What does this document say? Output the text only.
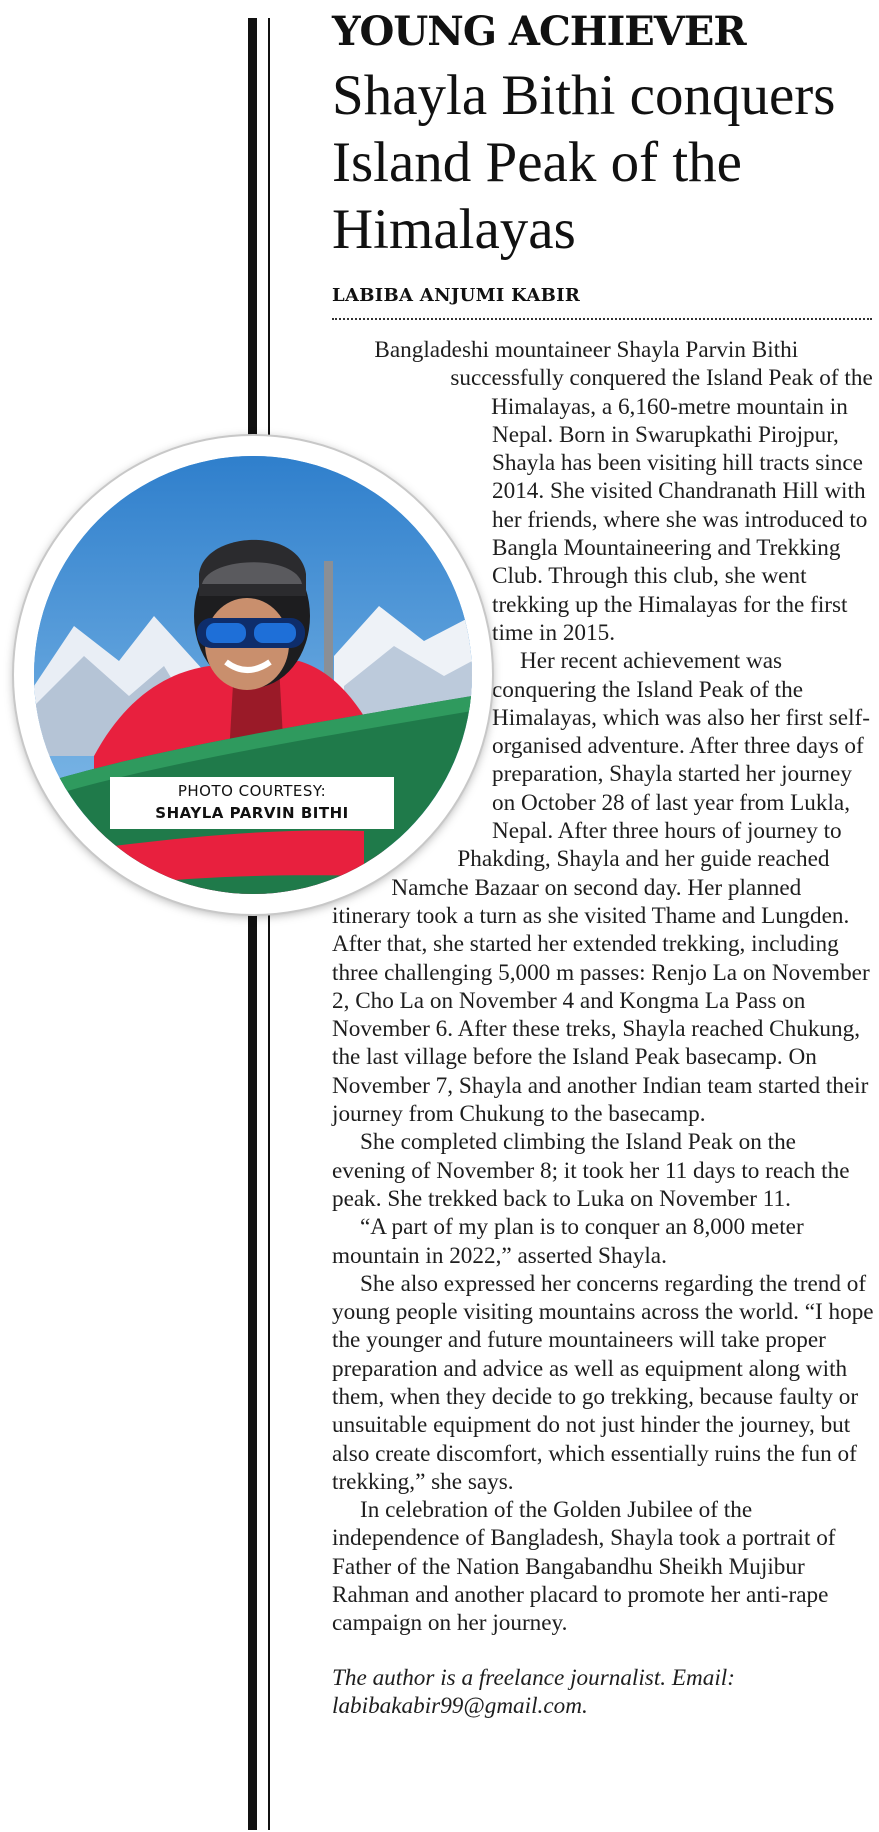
YOUNG ACHIEVER
Shayla Bithi conquers Island Peak of the Himalayas
LABIBA ANJUMI KABIR

Bangladeshi mountaineer Shayla Parvin Bithi successfully conquered the Island Peak of the Himalayas, a 6,160-metre mountain in Nepal. Born in Swarupkathi Pirojpur, Shayla has been visiting hill tracts since 2014. She visited Chandranath Hill with her friends, where she was introduced to Bangla Mountaineering and Trekking Club. Through this club, she went trekking up the Himalayas for the first time in 2015.

Her recent achievement was conquering the Island Peak of the Himalayas, which was also her first self-organised adventure. After three days of preparation, Shayla started her journey on October 28 of last year from Lukla, Nepal. After three hours of journey to Phakding, Shayla and her guide reached Namche Bazaar on second day. Her planned itinerary took a turn as she visited Thame and Lungden. After that, she started her extended trekking, including three challenging 5,000 m passes: Renjo La on November 2, Cho La on November 4 and Kongma La Pass on November 6. After these treks, Shayla reached Chukung, the last village before the Island Peak basecamp. On November 7, Shayla and another Indian team started their journey from Chukung to the basecamp.

She completed climbing the Island Peak on the evening of November 8; it took her 11 days to reach the peak. She trekked back to Luka on November 11.

“A part of my plan is to conquer an 8,000 meter mountain in 2022,” asserted Shayla.

She also expressed her concerns regarding the trend of young people visiting mountains across the world. “I hope the younger and future mountaineers will take proper preparation and advice as well as equipment along with them, when they decide to go trekking, because faulty or unsuitable equipment do not just hinder the journey, but also create discomfort, which essentially ruins the fun of trekking,” she says.

In celebration of the Golden Jubilee of the independence of Bangladesh, Shayla took a portrait of Father of the Nation Bangabandhu Sheikh Mujibur Rahman and another placard to promote her anti-rape campaign on her journey.

The author is a freelance journalist. Email: labibakabir99@gmail.com.

PHOTO COURTESY:
SHAYLA PARVIN BITHI
